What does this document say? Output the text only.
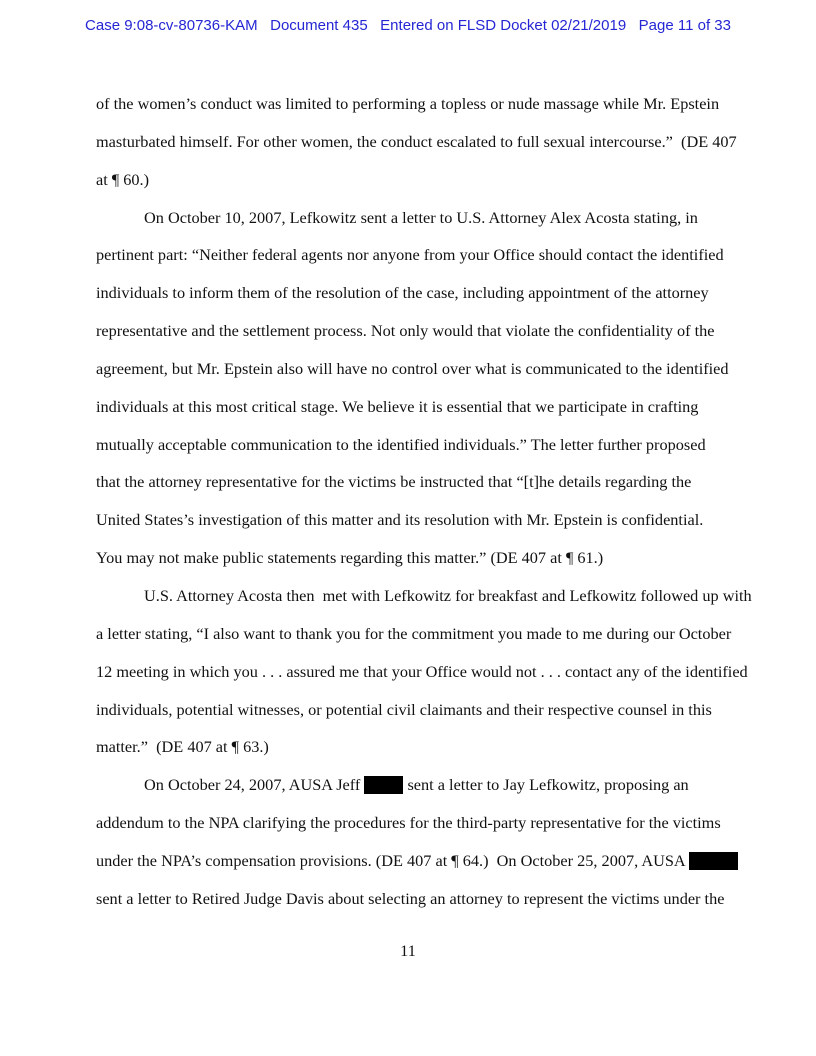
Case 9:08-cv-80736-KAM   Document 435   Entered on FLSD Docket 02/21/2019   Page 11 of 33
of the women’s conduct was limited to performing a topless or nude massage while Mr. Epstein
masturbated himself. For other women, the conduct escalated to full sexual intercourse.”  (DE 407
at ¶ 60.)
On October 10, 2007, Lefkowitz sent a letter to U.S. Attorney Alex Acosta stating, in
pertinent part: “Neither federal agents nor anyone from your Office should contact the identified
individuals to inform them of the resolution of the case, including appointment of the attorney
representative and the settlement process. Not only would that violate the confidentiality of the
agreement, but Mr. Epstein also will have no control over what is communicated to the identified
individuals at this most critical stage. We believe it is essential that we participate in crafting
mutually acceptable communication to the identified individuals.” The letter further proposed
that the attorney representative for the victims be instructed that “[t]he details regarding the
United States’s investigation of this matter and its resolution with Mr. Epstein is confidential.
You may not make public statements regarding this matter.” (DE 407 at ¶ 61.)
U.S. Attorney Acosta then  met with Lefkowitz for breakfast and Lefkowitz followed up with
a letter stating, “I also want to thank you for the commitment you made to me during our October
12 meeting in which you . . . assured me that your Office would not . . . contact any of the identified
individuals, potential witnesses, or potential civil claimants and their respective counsel in this
matter.”  (DE 407 at ¶ 63.)
On October 24, 2007, AUSA Jeff  sent a letter to Jay Lefkowitz, proposing an
addendum to the NPA clarifying the procedures for the third-party representative for the victims
under the NPA’s compensation provisions. (DE 407 at ¶ 64.)  On October 25, 2007, AUSA
sent a letter to Retired Judge Davis about selecting an attorney to represent the victims under the
11
